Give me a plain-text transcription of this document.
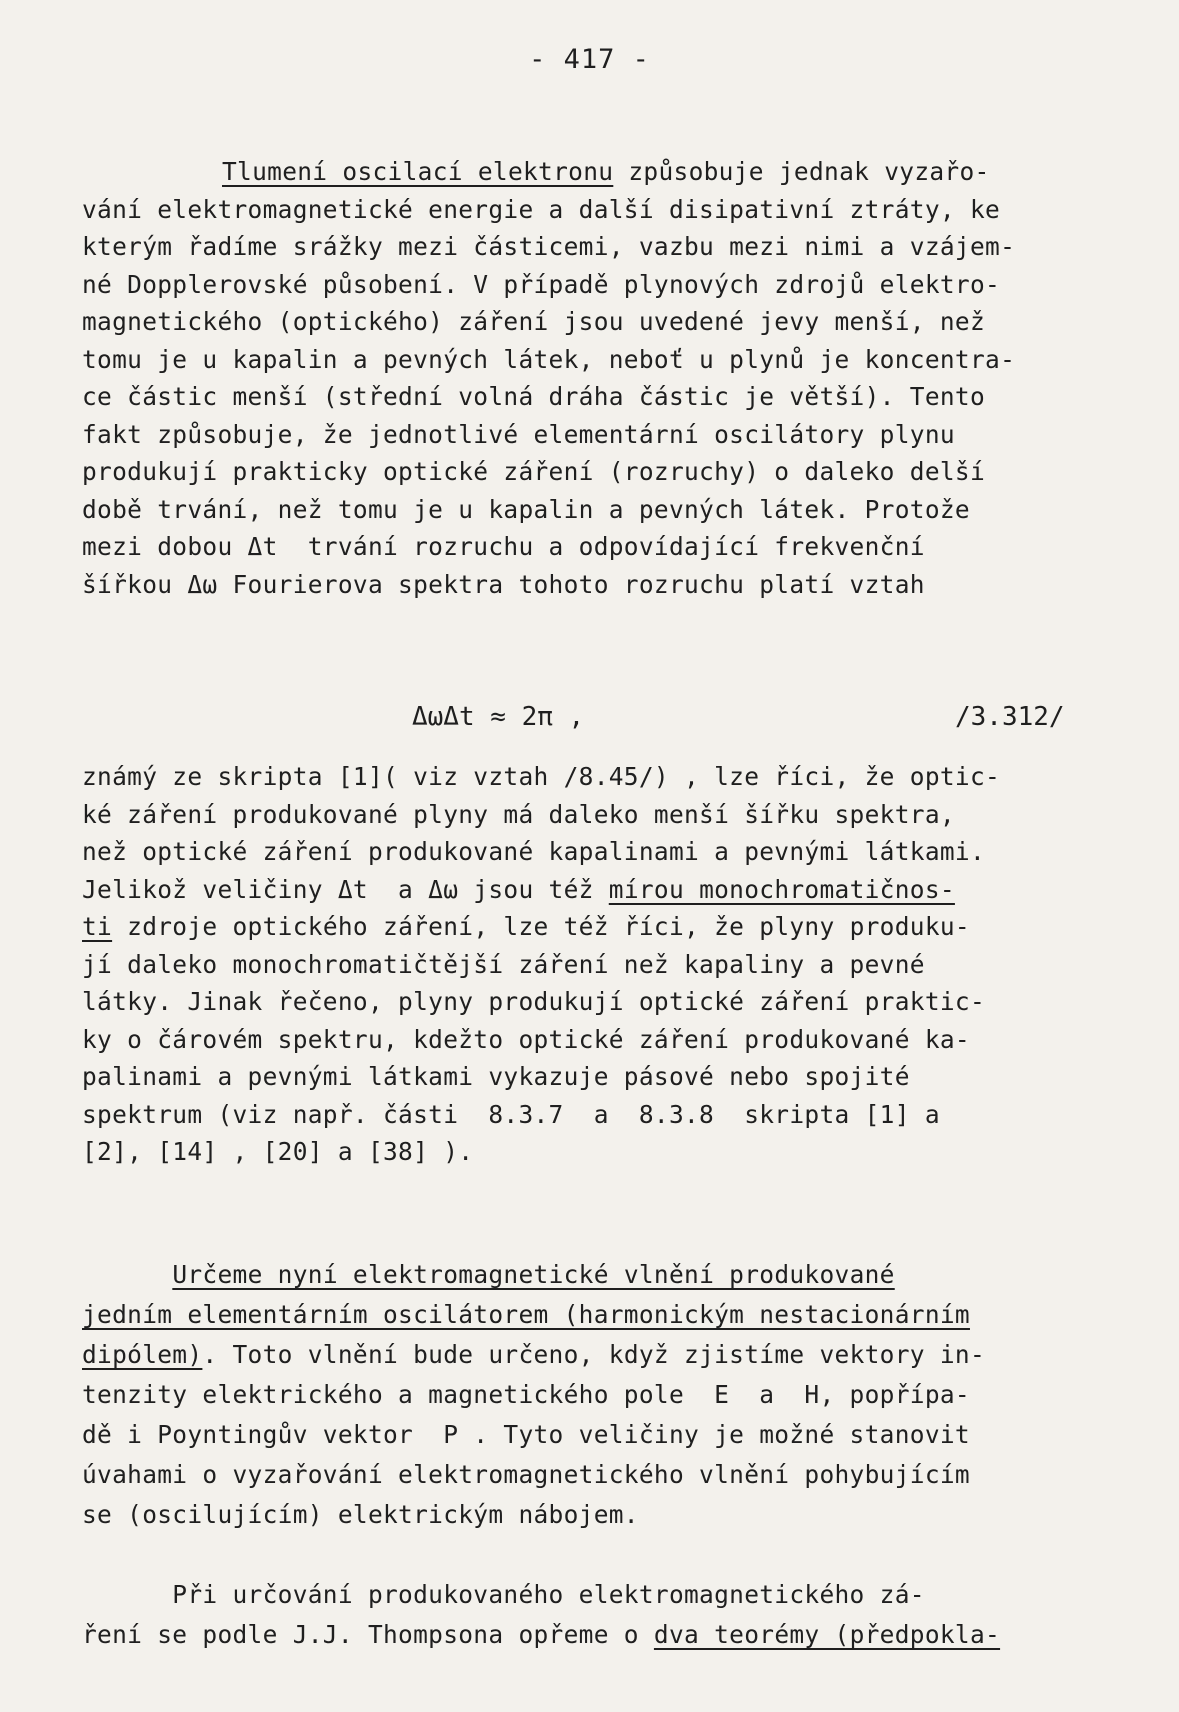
- 417 -
Tlumení oscilací elektronu způsobuje jednak vyzařo-
vání elektromagnetické energie a další disipativní ztráty, ke
kterým řadíme srážky mezi částicemi, vazbu mezi nimi a vzájem-
né Dopplerovské působení. V případě plynových zdrojů elektro-
magnetického (optického) záření jsou uvedené jevy menší, než
tomu je u kapalin a pevných látek, neboť u plynů je koncentra-
ce částic menší (střední volná dráha částic je větší). Tento
fakt způsobuje, že jednotlivé elementární oscilátory plynu
produkují prakticky optické záření (rozruchy) o daleko delší
době trvání, než tomu je u kapalin a pevných látek. Protože
mezi dobou Δt  trvání rozruchu a odpovídající frekvenční
šířkou Δω Fourierova spektra tohoto rozruchu platí vztah
ΔωΔt ≈ 2π ,	/3.312/
známý ze skripta [1]( viz vztah /8.45/) , lze říci, že optic-
ké záření produkované plyny má daleko menší šířku spektra,
než optické záření produkované kapalinami a pevnými látkami.
Jelikož veličiny Δt  a Δω jsou též mírou monochromatičnos-
ti zdroje optického záření, lze též říci, že plyny produku-
jí daleko monochromatičtější záření než kapaliny a pevné
látky. Jinak řečeno, plyny produkují optické záření praktic-
ky o čárovém spektru, kdežto optické záření produkované ka-
palinami a pevnými látkami vykazuje pásové nebo spojité
spektrum (viz např. části  8.3.7  a  8.3.8  skripta [1] a
[2], [14] , [20] a [38] ).
Určeme nyní elektromagnetické vlnění produkované
jedním elementárním oscilátorem (harmonickým nestacionárním
dipólem). Toto vlnění bude určeno, když zjistíme vektory in-
tenzity elektrického a magnetického pole  E  a  H, popřípa-
dě i Poyntingův vektor  P . Tyto veličiny je možné stanovit
úvahami o vyzařování elektromagnetického vlnění pohybujícím
se (oscilujícím) elektrickým nábojem.
Při určování produkovaného elektromagnetického zá-
ření se podle J.J. Thompsona opřeme o dva teorémy (předpokla-
